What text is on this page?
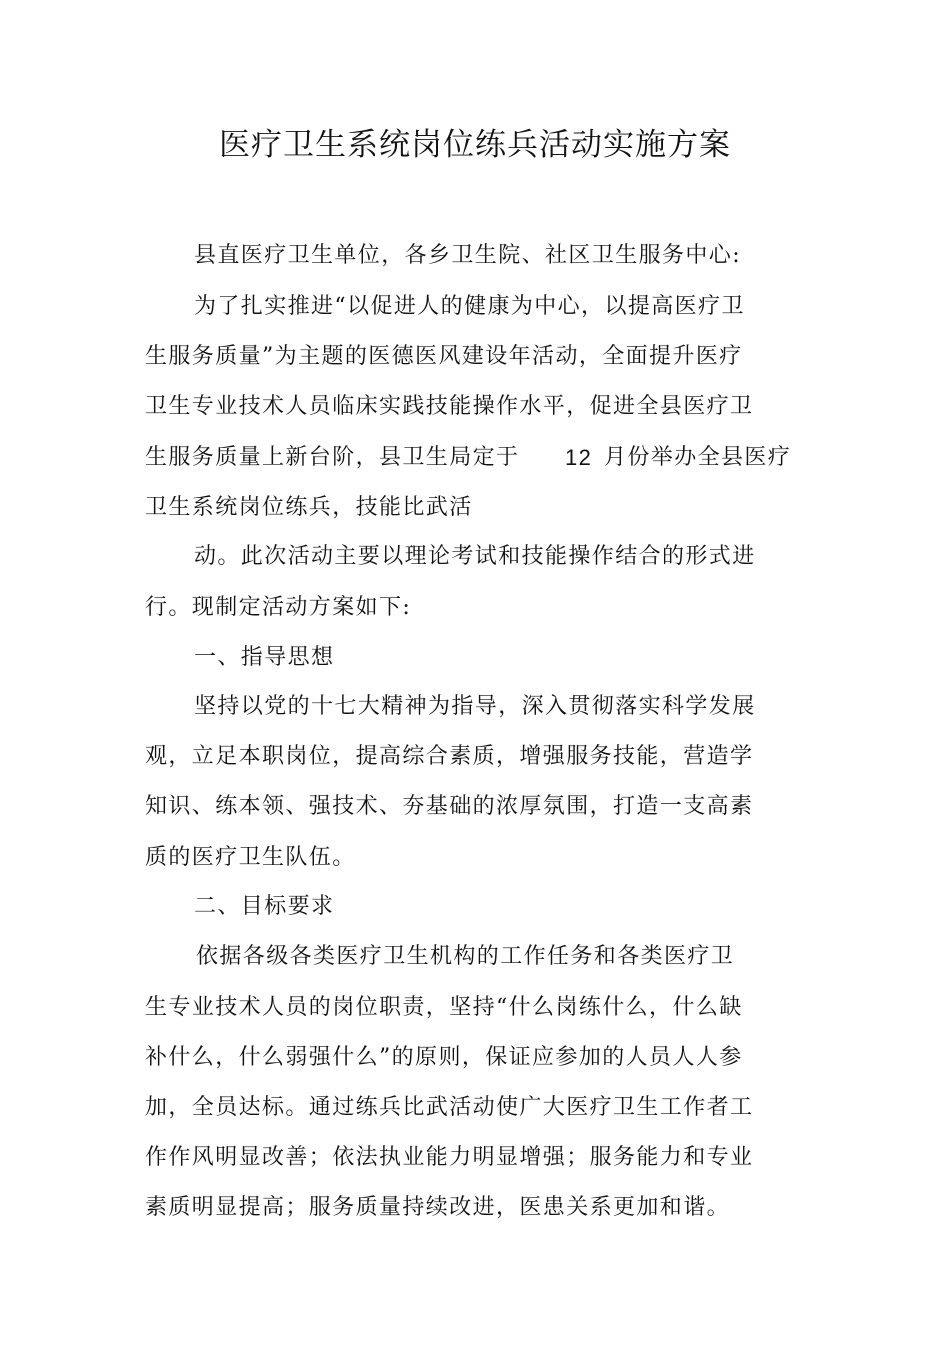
医疗卫生系统岗位练兵活动实施方案
县直医疗卫生单位，各乡卫生院、社区卫生服务中心:
为了扎实推进“以促进人的健康为中心，以提高医疗卫
生服务质量”为主题的医德医风建设年活动，全面提升医疗
卫生专业技术人员临床实践技能操作水平，促进全县医疗卫
生服务质量上新台阶，县卫生局定于 12 月份举办全县医疗
卫生系统岗位练兵，技能比武活
动。此次活动主要以理论考试和技能操作结合的形式进
行。现制定活动方案如下:
一、指导思想
坚持以党的十七大精神为指导，深入贯彻落实科学发展
观，立足本职岗位，提高综合素质，增强服务技能，营造学
知识、练本领、强技术、夯基础的浓厚氛围，打造一支高素
质的医疗卫生队伍。
二、目标要求
依据各级各类医疗卫生机构的工作任务和各类医疗卫
生专业技术人员的岗位职责，坚持“什么岗练什么，什么缺
补什么，什么弱强什么”的原则，保证应参加的人员人人参
加，全员达标。通过练兵比武活动使广大医疗卫生工作者工
作作风明显改善；依法执业能力明显增强；服务能力和专业
素质明显提高；服务质量持续改进，医患关系更加和谐。
